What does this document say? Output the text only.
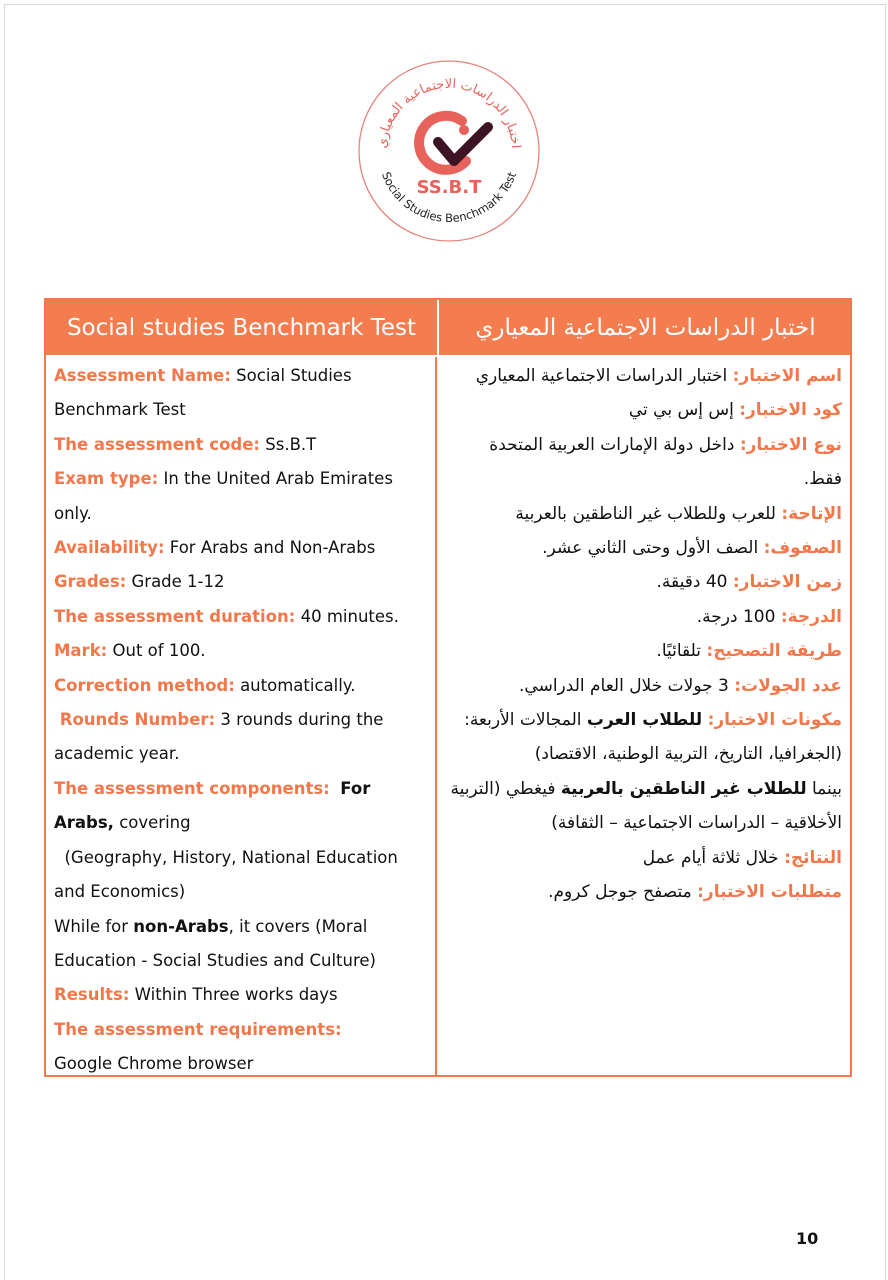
اختبار الدراسات الاجتماعية المعياري
Social Studies Benchmark Test
SS.B.T
Social studies Benchmark Test	اختبار الدراسات الاجتماعية المعياري
Assessment Name: Social Studies Benchmark Test
The assessment code: Ss.B.T
Exam type: In the United Arab Emirates only.
Availability: For Arabs and Non-Arabs
Grades: Grade 1-12
The assessment duration: 40 minutes.
Mark: Out of 100.
Correction method: automatically.
Rounds Number: 3 rounds during the academic year.
The assessment components: For Arabs, covering
(Geography, History, National Education and Economics)
While for non-Arabs, it covers (Moral Education - Social Studies and Culture)
Results: Within Three works days
The assessment requirements: Google Chrome browser
اسم الاختبار: اختبار الدراسات الاجتماعية المعياري
كود الاختبار: إس إس بي تي
نوع الاختبار: داخل دولة الإمارات العربية المتحدة فقط.
الإتاحة: للعرب وللطلاب غير الناطقين بالعربية
الصفوف: الصف الأول وحتى الثاني عشر.
زمن الاختبار: 40 دقيقة.
الدرجة: 100 درجة.
طريقة التصحيح: تلقائيًا.
عدد الجولات: 3 جولات خلال العام الدراسي.
مكونات الاختبار: للطلاب العرب المجالات الأربعة:
(الجغرافيا، التاريخ، التربية الوطنية، الاقتصاد)
بينما للطلاب غير الناطقين بالعربية فيغطي (التربية الأخلاقية – الدراسات الاجتماعية – الثقافة)
النتائج: خلال ثلاثة أيام عمل
متطلبات الاختبار: متصفح جوجل كروم.
10
